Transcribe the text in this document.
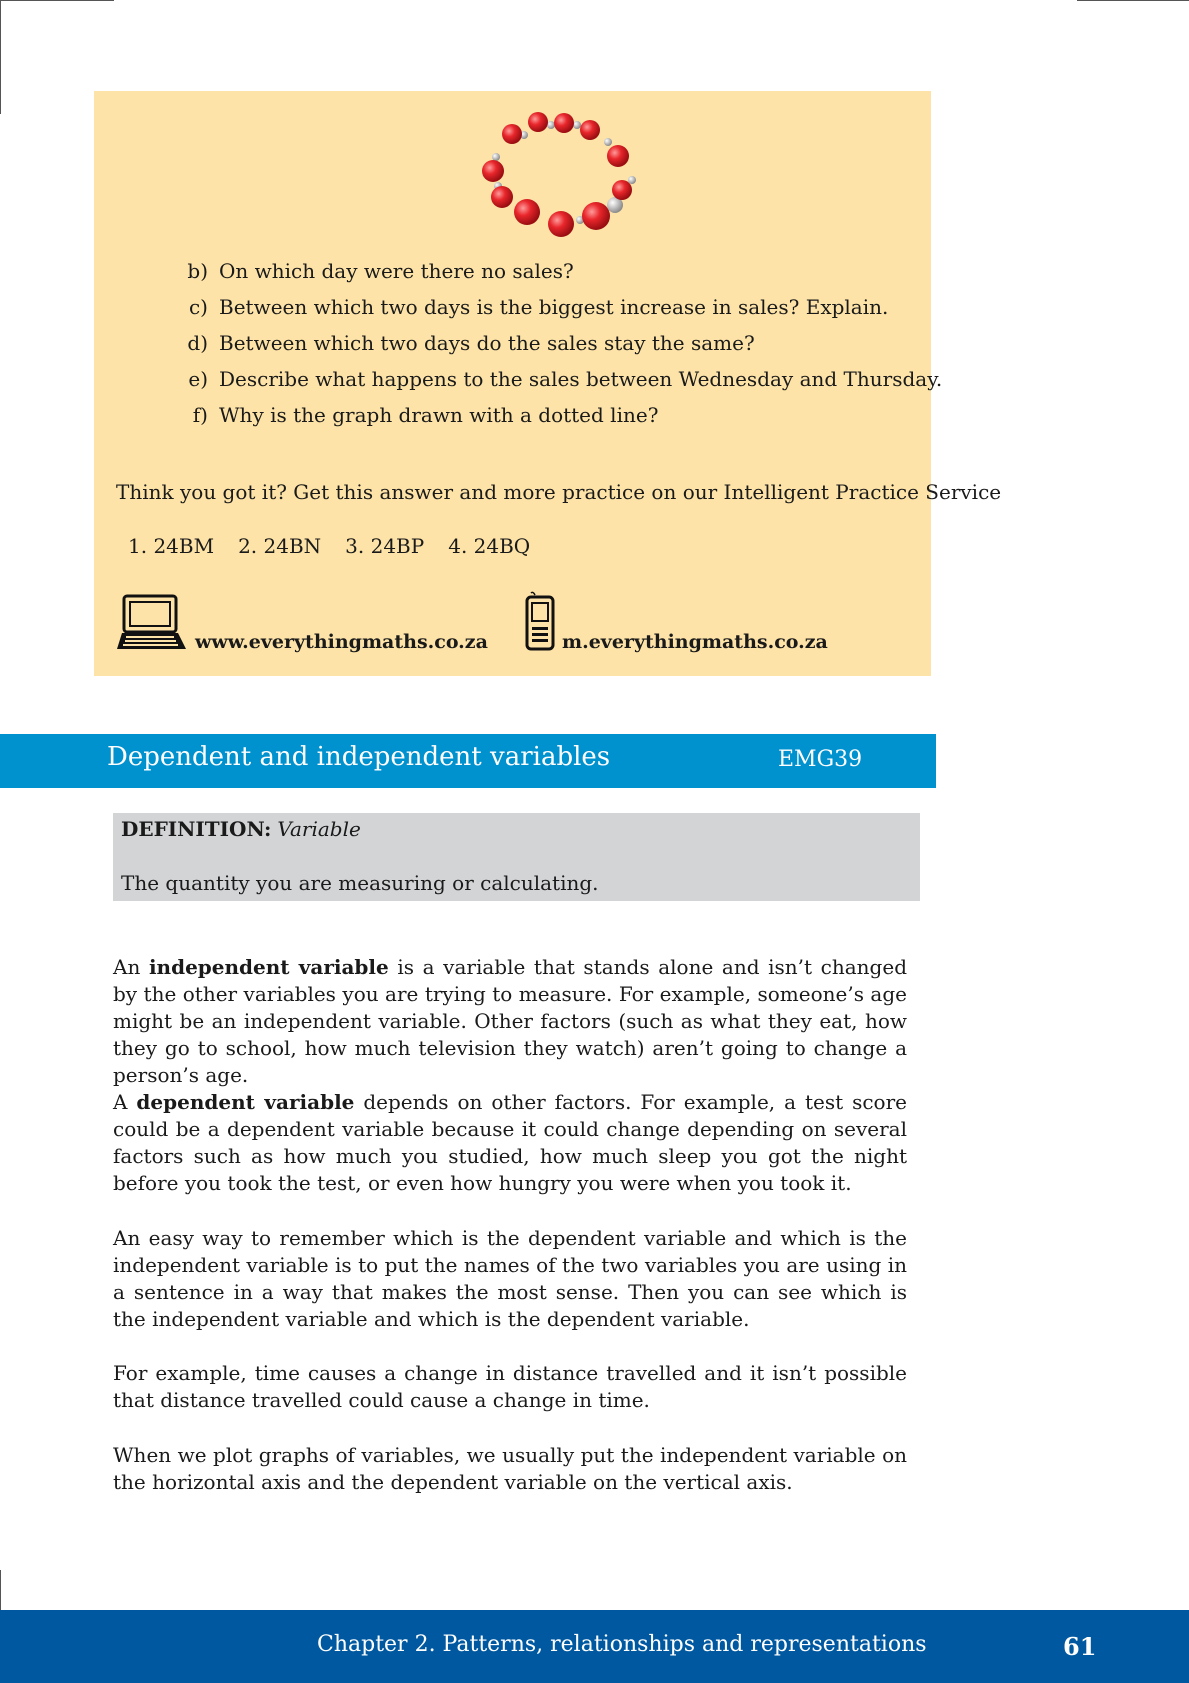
b) On which day were there no sales?
c) Between which two days is the biggest increase in sales? Explain.
d) Between which two days do the sales stay the same?
e) Describe what happens to the sales between Wednesday and Thursday.
f) Why is the graph drawn with a dotted line?
Think you got it? Get this answer and more practice on our Intelligent Practice Service
1. 24BM 2. 24BN 3. 24BP 4. 24BQ
www.everythingmaths.co.za	m.everythingmaths.co.za
Dependent and independent variables	EMG39
DEFINITION: Variable
The quantity you are measuring or calculating.

An independent variable is a variable that stands alone and isn’t changed by the other variables you are trying to measure. For example, someone’s age might be an independent variable. Other factors (such as what they eat, how they go to school, how much television they watch) aren’t going to change a person’s age.

A dependent variable depends on other factors. For example, a test score could be a dependent variable because it could change depending on several factors such as how much you studied, how much sleep you got the night before you took the test, or even how hungry you were when you took it.

An easy way to remember which is the dependent variable and which is the independent variable is to put the names of the two variables you are using in a sentence in a way that makes the most sense. Then you can see which is the independent variable and which is the dependent variable.

For example, time causes a change in distance travelled and it isn’t possible that distance travelled could cause a change in time.

When we plot graphs of variables, we usually put the independent variable on the horizontal axis and the dependent variable on the vertical axis.

Chapter 2. Patterns, relationships and representations	61
